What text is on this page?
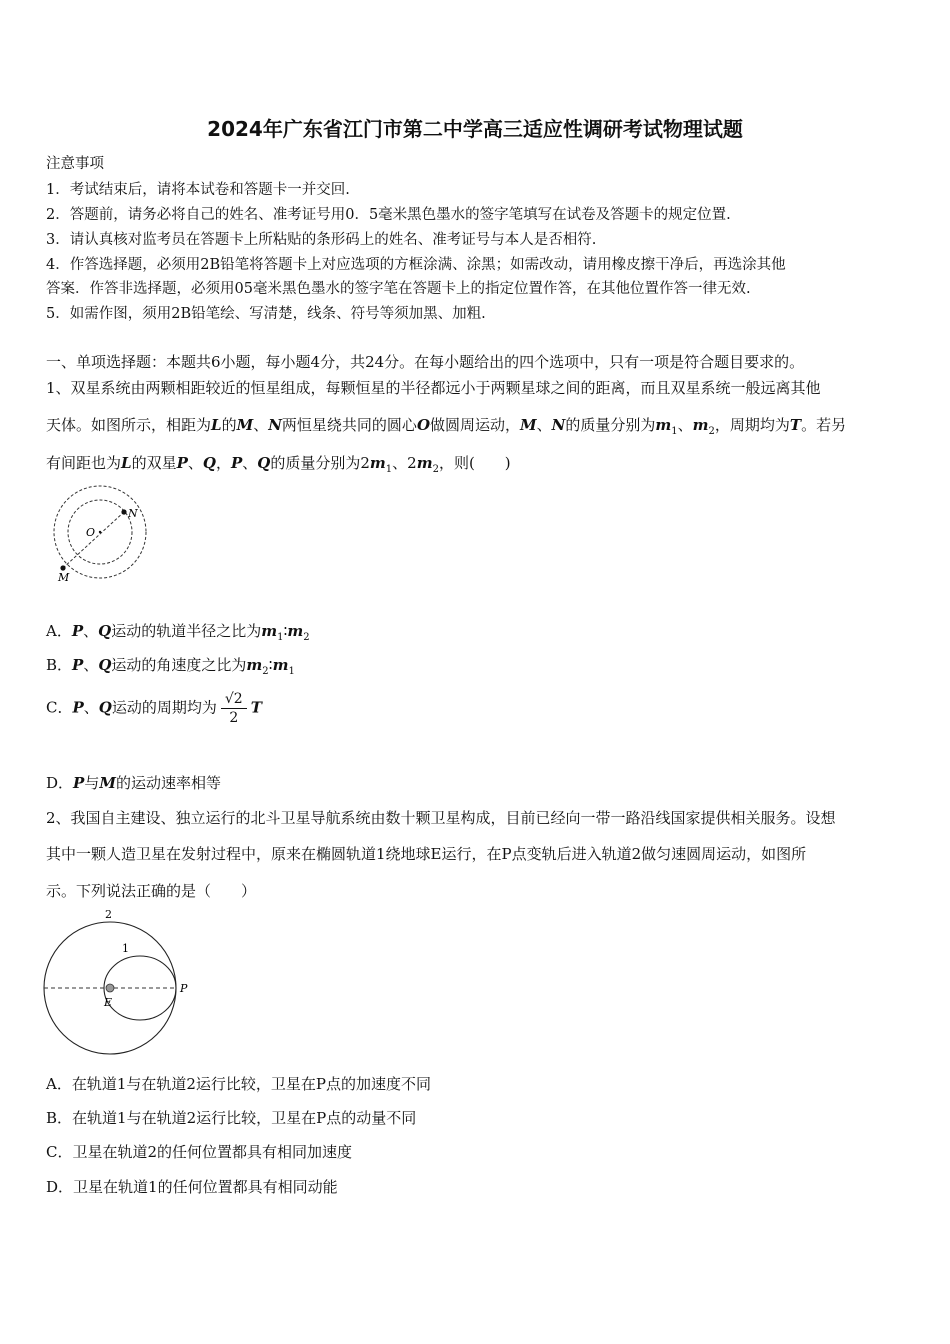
2024年广东省江门市第二中学高三适应性调研考试物理试题
注意事项
1．考试结束后，请将本试卷和答题卡一并交回.
2．答题前，请务必将自己的姓名、准考证号用0．5毫米黑色墨水的签字笔填写在试卷及答题卡的规定位置.
3．请认真核对监考员在答题卡上所粘贴的条形码上的姓名、准考证号与本人是否相符.
4．作答选择题，必须用2B铅笔将答题卡上对应选项的方框涂满、涂黑；如需改动，请用橡皮擦干净后，再选涂其他
答案．作答非选择题，必须用05毫米黑色墨水的签字笔在答题卡上的指定位置作答，在其他位置作答一律无效.
5．如需作图，须用2B铅笔绘、写清楚，线条、符号等须加黑、加粗.
一、单项选择题：本题共6小题，每小题4分，共24分。在每小题给出的四个选项中，只有一项是符合题目要求的。
1、双星系统由两颗相距较近的恒星组成，每颗恒星的半径都远小于两颗星球之间的距离，而且双星系统一般远离其他
天体。如图所示，相距为L的M、N两恒星绕共同的圆心O做圆周运动，M、N的质量分别为$m_1$、$m_2$，周期均为T。若另
有间距也为L的双星P、Q，P、Q的质量分别为$2m_1$、$2m_2$，则(　　)
O
N
M
A．P、Q运动的轨道半径之比为$m_1∶m_2$
B．P、Q运动的角速度之比为$m_2∶m_1$
C．P、Q运动的周期均为 $\frac{√2}{2}$ T
D．P与M的运动速率相等
2、我国自主建设、独立运行的北斗卫星导航系统由数十颗卫星构成，目前已经向一带一路沿线国家提供相关服务。设想
其中一颗人造卫星在发射过程中，原来在椭圆轨道1绕地球E运行，在P点变轨后进入轨道2做匀速圆周运动，如图所
示。下列说法正确的是（　　）
2
1
E
P
A．在轨道1与在轨道2运行比较，卫星在P点的加速度不同
B．在轨道1与在轨道2运行比较，卫星在P点的动量不同
C．卫星在轨道2的任何位置都具有相同加速度
D．卫星在轨道1的任何位置都具有相同动能
